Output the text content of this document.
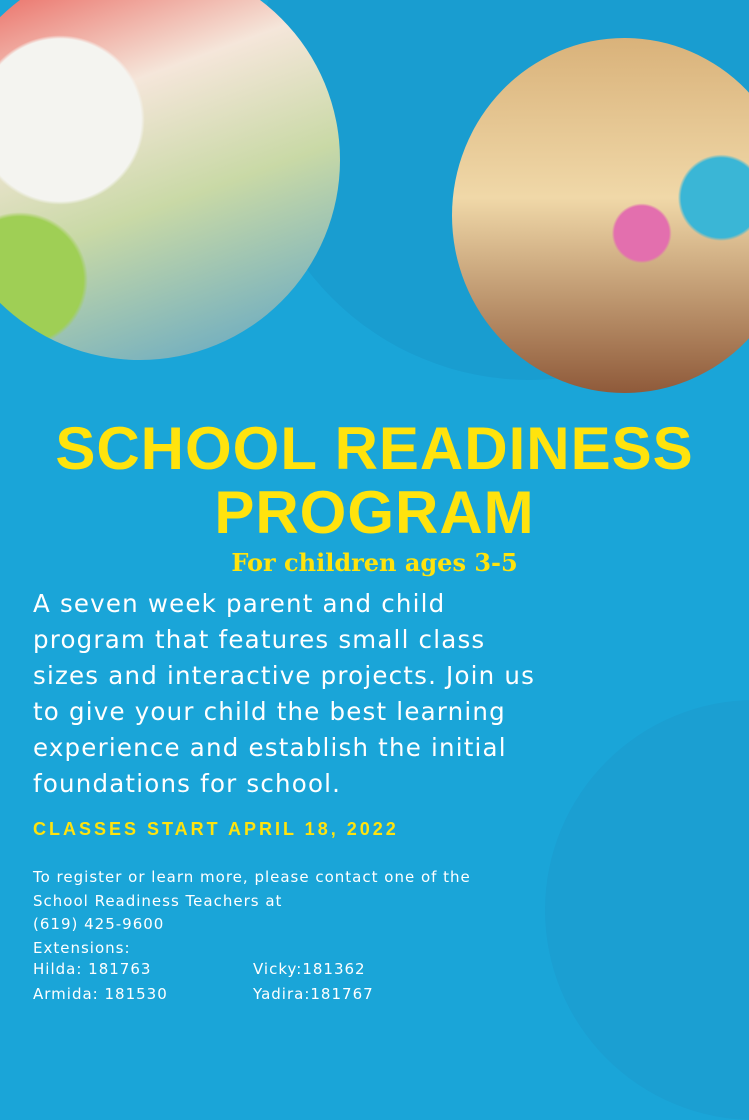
SCHOOL READINESS
PROGRAM
For children ages 3-5
A seven week parent and child program that features small class sizes and interactive projects. Join us to give your child the best learning experience and establish the initial foundations for school.
CLASSES START APRIL 18, 2022
To register or learn more, please contact one of the School Readiness Teachers at
(619) 425-9600
Extensions:
Hilda: 181763	Vicky:181362
Armida: 181530	Yadira:181767
